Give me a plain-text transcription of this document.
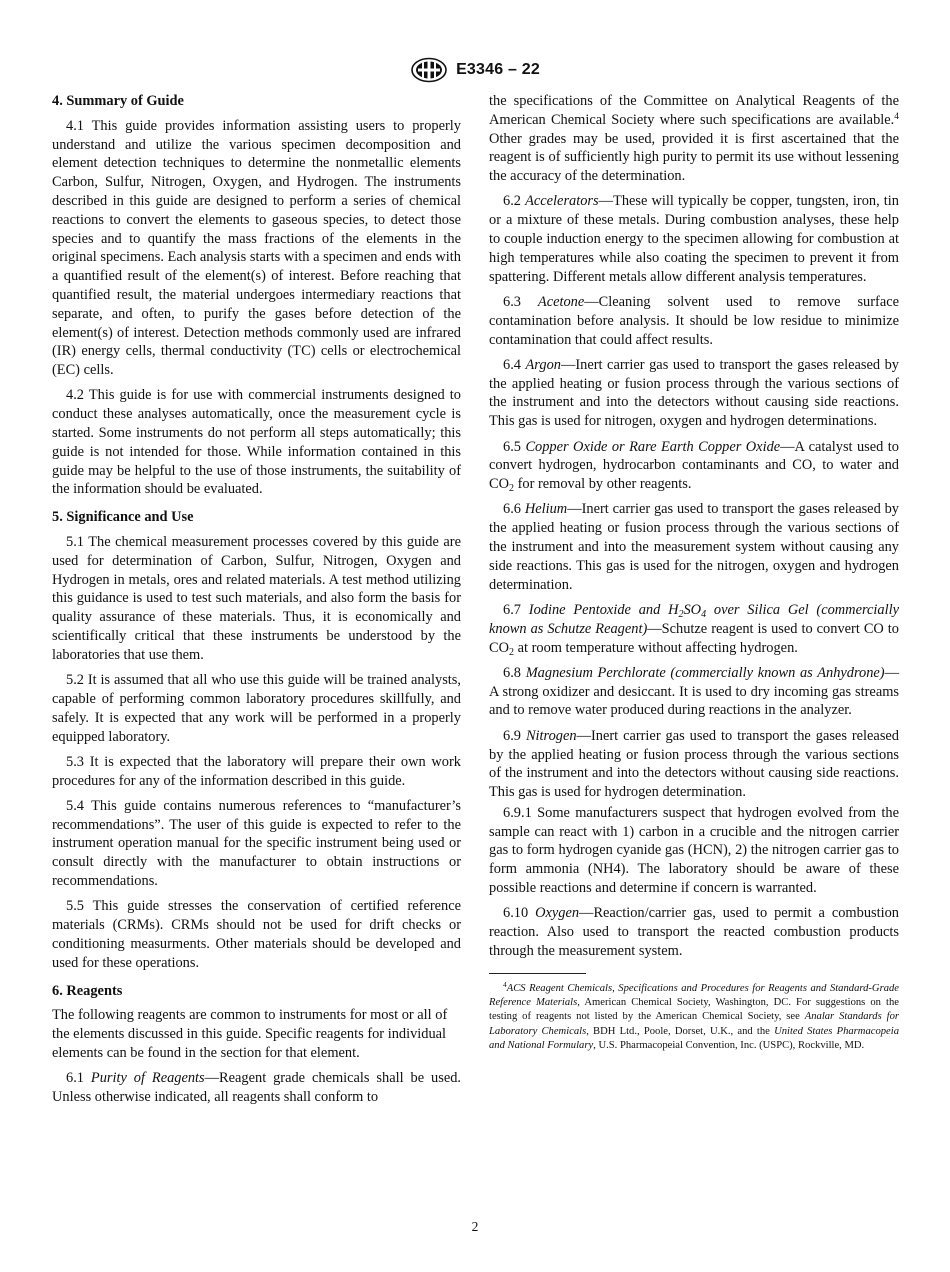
E3346 – 22
4. Summary of Guide

4.1 This guide provides information assisting users to properly understand and utilize the various specimen decomposition and element detection techniques to determine the nonmetallic elements Carbon, Sulfur, Nitrogen, Oxygen, and Hydrogen. The instruments described in this guide are designed to perform a series of chemical reactions to convert the elements to gaseous species, to detect those species and to quantify the mass fractions of the elements in the original specimens. Each analysis starts with a specimen and ends with a quantified result of the element(s) of interest. Before reaching that quantified result, the material undergoes intermediary reactions that separate, and often, to purify the gases before detection of the element(s) of interest. Detection methods commonly used are infrared (IR) energy cells, thermal conductivity (TC) cells or electrochemical (EC) cells.

4.2 This guide is for use with commercial instruments designed to conduct these analyses automatically, once the measurement cycle is started. Some instruments do not perform all steps automatically; this guide is not intended for those. While information contained in this guide may be helpful to the use of those instruments, the suitability of the information should be evaluated.

5. Significance and Use

5.1 The chemical measurement processes covered by this guide are used for determination of Carbon, Sulfur, Nitrogen, Oxygen and Hydrogen in metals, ores and related materials. A test method utilizing this guidance is used to test such materials, and also form the basis for quality assurance of these materials. Thus, it is economically and scientifically critical that these instruments be understood by the laboratories that use them.

5.2 It is assumed that all who use this guide will be trained analysts, capable of performing common laboratory procedures skillfully, and safely. It is expected that any work will be performed in a properly equipped laboratory.

5.3 It is expected that the laboratory will prepare their own work procedures for any of the information described in this guide.

5.4 This guide contains numerous references to “manufacturer’s recommendations”. The user of this guide is expected to refer to the instrument operation manual for the specific instrument being used or consult directly with the manufacturer to obtain instructions or recommendations.

5.5 This guide stresses the conservation of certified reference materials (CRMs). CRMs should not be used for drift checks or conditioning measurments. Other materials should be developed and used for these operations.

6. Reagents

The following reagents are common to instruments for most or all of the elements discussed in this guide. Specific reagents for individual elements can be found in the section for that element.

6.1 Purity of Reagents—Reagent grade chemicals shall be used. Unless otherwise indicated, all reagents shall conform to

the specifications of the Committee on Analytical Reagents of the American Chemical Society where such specifications are available.$^4$ Other grades may be used, provided it is first ascertained that the reagent is of sufficiently high purity to permit its use without lessening the accuracy of the determination.

6.2 Accelerators—These will typically be copper, tungsten, iron, tin or a mixture of these metals. During combustion analyses, these help to couple induction energy to the specimen allowing for combustion at high temperatures while also coating the specimen to prevent it from spattering. Different metals allow different analysis temperatures.

6.3 Acetone—Cleaning solvent used to remove surface contamination before analysis. It should be low residue to minimize contamination that could affect results.

6.4 Argon—Inert carrier gas used to transport the gases released by the applied heating or fusion process through the various sections of the instrument and into the detectors without causing side reactions. This gas is used for nitrogen, oxygen and hydrogen determinations.

6.5 Copper Oxide or Rare Earth Copper Oxide—A catalyst used to convert hydrogen, hydrocarbon contaminants and CO, to water and $CO_2$ for removal by other reagents.

6.6 Helium—Inert carrier gas used to transport the gases released by the applied heating or fusion process through the various sections of the instrument and into the measurement system without causing any side reactions. This gas is used for the nitrogen, oxygen and hydrogen determination.

6.7 Iodine Pentoxide and $H_2SO_4$ over Silica Gel (commercially known as Schutze Reagent)—Schutze reagent is used to convert CO to $CO_2$ at room temperature without affecting hydrogen.

6.8 Magnesium Perchlorate (commercially known as Anhydrone)—A strong oxidizer and desiccant. It is used to dry incoming gas streams and to remove water produced during reactions in the analyzer.

6.9 Nitrogen—Inert carrier gas used to transport the gases released by the applied heating or fusion process through the various sections of the instrument and into the detectors without causing side reactions. This gas is used for hydrogen determination.

6.9.1 Some manufacturers suspect that hydrogen evolved from the sample can react with 1) carbon in a crucible and the nitrogen carrier gas to form hydrogen cyanide gas (HCN), 2) the nitrogen carrier gas to form ammonia (NH4). The laboratory should be aware of these possible reactions and determine if concern is warranted.

6.10 Oxygen—Reaction/carrier gas, used to permit a combustion reaction. Also used to transport the reacted combustion products through the measurement system.

$^4$ACS Reagent Chemicals, Specifications and Procedures for Reagents and Standard-Grade Reference Materials, American Chemical Society, Washington, DC. For suggestions on the testing of reagents not listed by the American Chemical Society, see Analar Standards for Laboratory Chemicals, BDH Ltd., Poole, Dorset, U.K., and the United States Pharmacopeia and National Formulary, U.S. Pharmacopeial Convention, Inc. (USPC), Rockville, MD.

2
